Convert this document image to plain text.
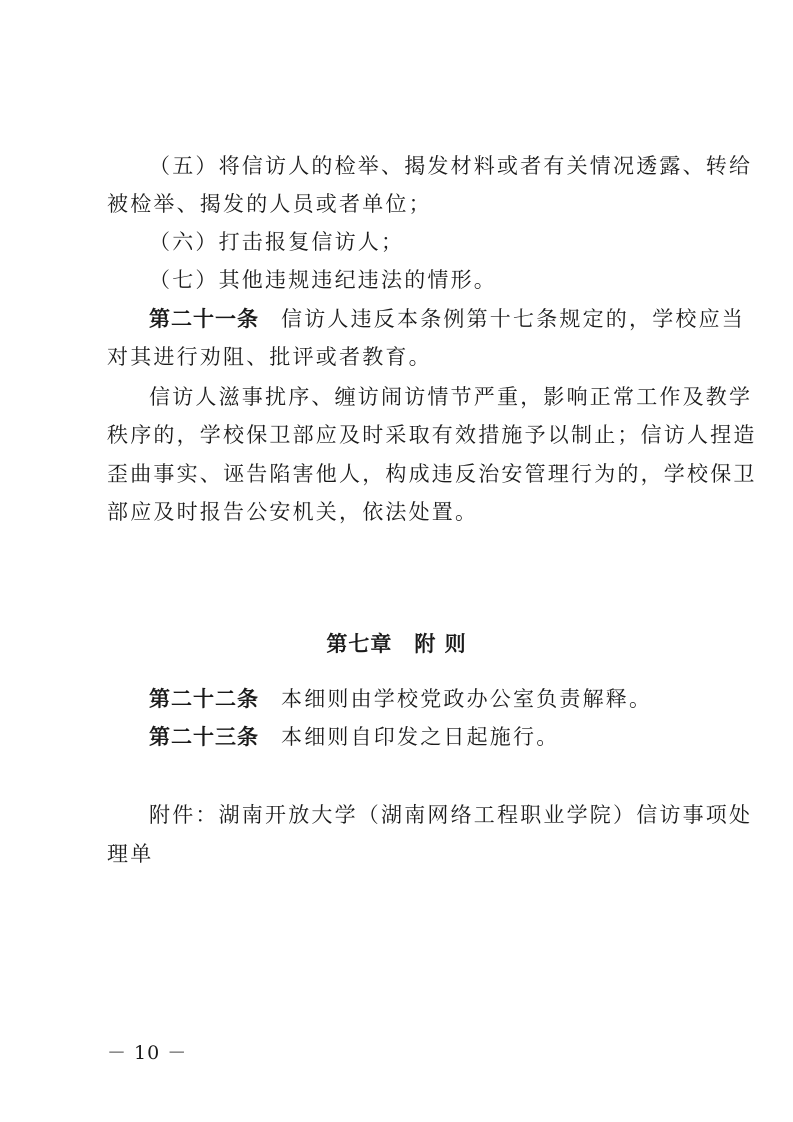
（五）将信访人的检举、揭发材料或者有关情况透露、转给
被检举、揭发的人员或者单位；
（六）打击报复信访人；
（七）其他违规违纪违法的情形。
第二十一条 信访人违反本条例第十七条规定的，学校应当
对其进行劝阻、批评或者教育。
信访人滋事扰序、缠访闹访情节严重，影响正常工作及教学
秩序的，学校保卫部应及时采取有效措施予以制止；信访人捏造
歪曲事实、诬告陷害他人，构成违反治安管理行为的，学校保卫
部应及时报告公安机关，依法处置。
第七章 附 则
第二十二条 本细则由学校党政办公室负责解释。
第二十三条 本细则自印发之日起施行。
附件：湖南开放大学（湖南网络工程职业学院）信访事项处
理单
－ 10 －
